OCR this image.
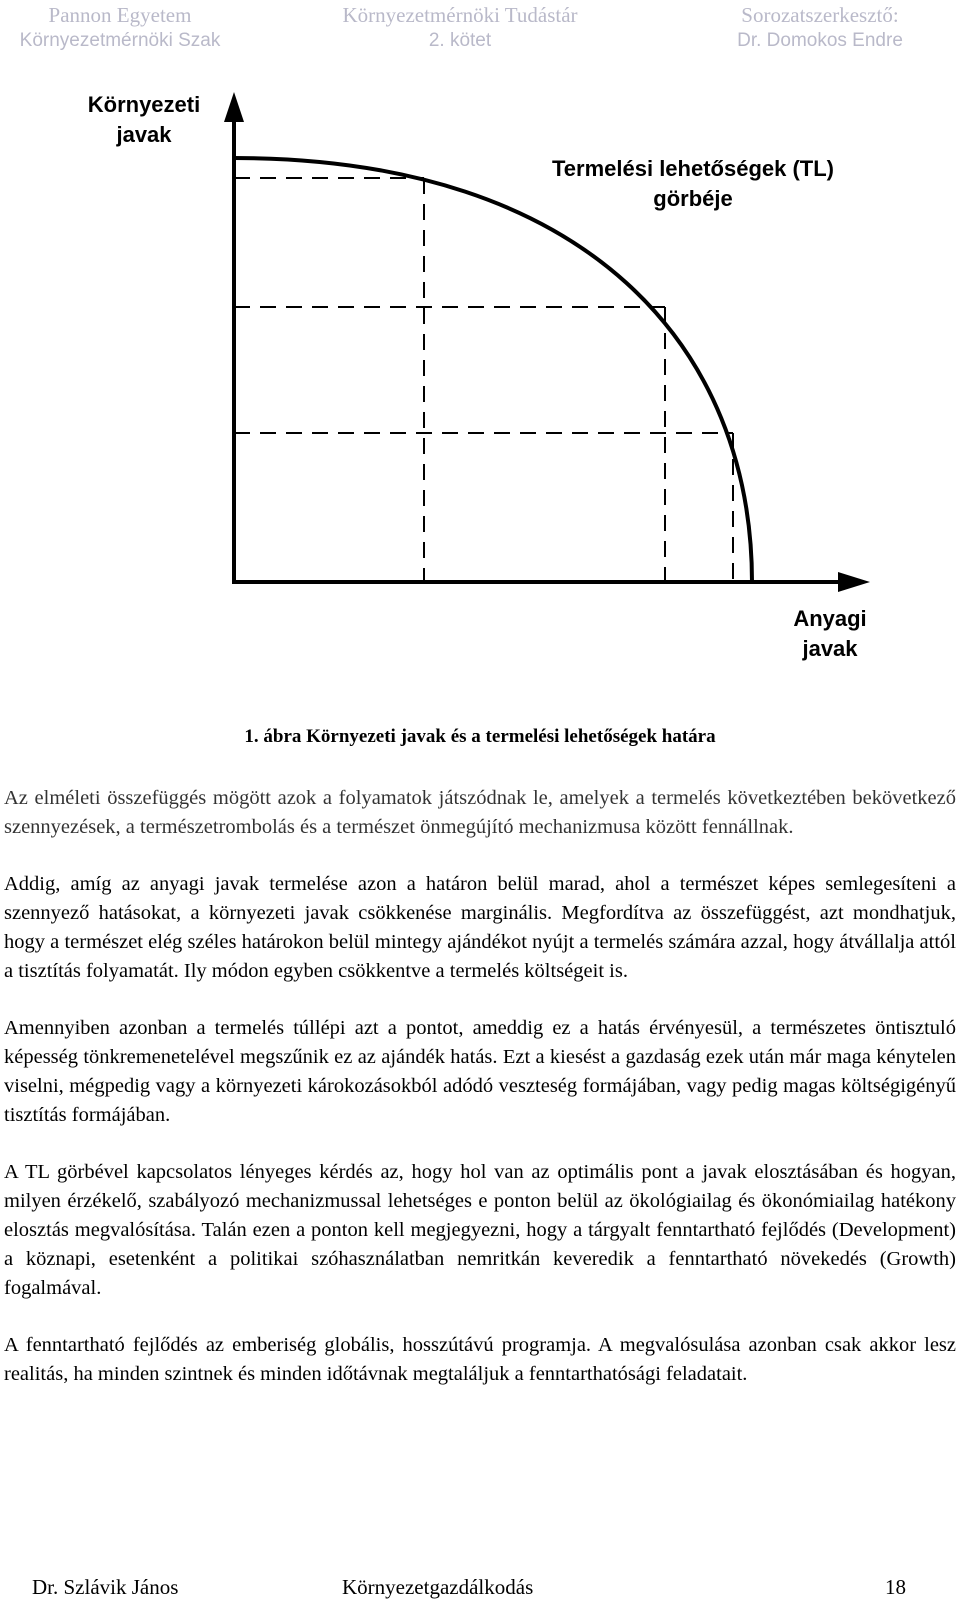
Pannon Egyetem
Környezetmérnöki Szak
Környezetmérnöki Tudástár
2. kötet
Sorozatszerkesztő:
Dr. Domokos Endre
Környezeti
javak
Termelési lehetőségek (TL)
görbéje
Anyagi
javak
1. ábra Környezeti javak és a termelési lehetőségek határa

Az elméleti összefüggés mögött azok a folyamatok játszódnak le, amelyek a termelés következtében bekövetkező szennyezések, a természetrombolás és a természet önmegújító mechanizmusa között fennállnak.

Addig, amíg az anyagi javak termelése azon a határon belül marad, ahol a természet képes semlegesíteni a szennyező hatásokat, a környezeti javak csökkenése marginális. Megfordítva az összefüggést, azt mondhatjuk, hogy a természet elég széles határokon belül mintegy ajándékot nyújt a termelés számára azzal, hogy átvállalja attól a tisztítás folyamatát. Ily módon egyben csökkentve a termelés költségeit is.

Amennyiben azonban a termelés túllépi azt a pontot, ameddig ez a hatás érvényesül, a természetes öntisztuló képesség tönkremenetelével megszűnik ez az ajándék hatás. Ezt a kiesést a gazdaság ezek után már maga kénytelen viselni, mégpedig vagy a környezeti károkozásokból adódó veszteség formájában, vagy pedig magas költségigényű tisztítás formájában.

A TL görbével kapcsolatos lényeges kérdés az, hogy hol van az optimális pont a javak elosztásában és hogyan, milyen érzékelő, szabályozó mechanizmussal lehetséges e ponton belül az ökológiailag és ökonómiailag hatékony elosztás megvalósítása. Talán ezen a ponton kell megjegyezni, hogy a tárgyalt fenntartható fejlődés (Development) a köznapi, esetenként a politikai szóhasználatban nemritkán keveredik a fenntartható növekedés (Growth) fogalmával.

A fenntartható fejlődés az emberiség globális, hosszútávú programja. A megvalósulása azonban csak akkor lesz realitás, ha minden szintnek és minden időtávnak megtaláljuk a fenntarthatósági feladatait.

Dr. Szlávik János	Környezetgazdálkodás	18
